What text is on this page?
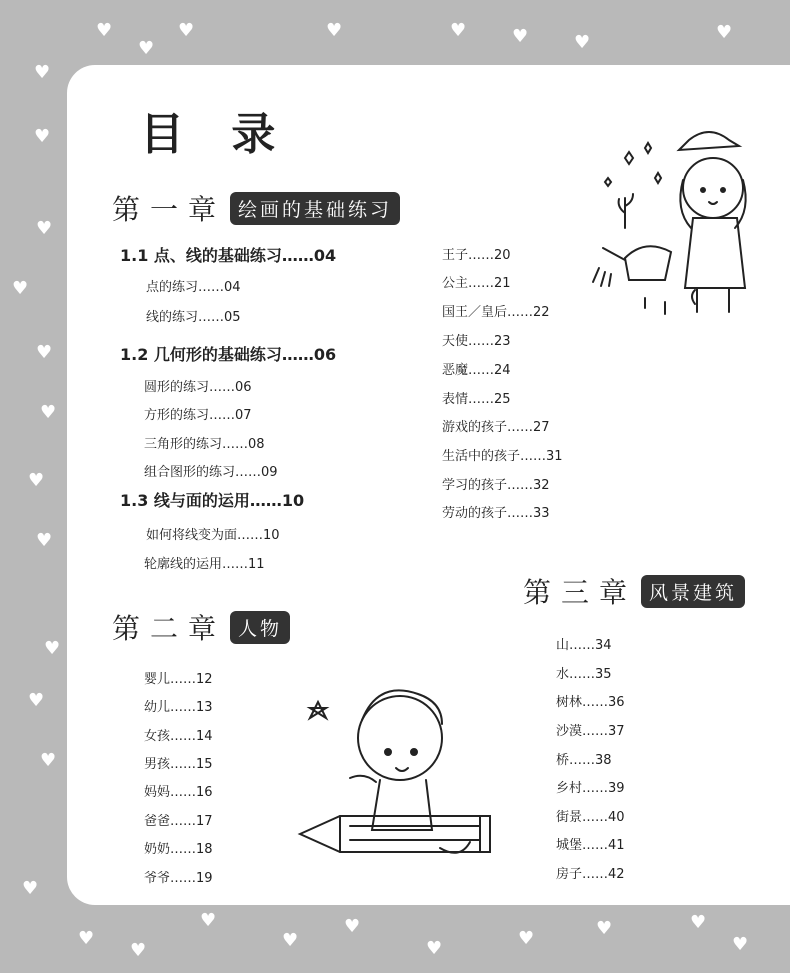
♥	♥	♥	♥	♥	♥	♥
♥
♥
♥
♥
♥
♥
♥
♥
♥
♥
♥
♥
♥
♥
♥
♥
♥
♥
♥	♥	♥	♥
♥
目 录
第一章 绘画的基础练习
1.1 点、线的基础练习……04
点的练习……04
线的练习……05
1.2 几何形的基础练习……06
圆形的练习……06
方形的练习……07
三角形的练习……08
组合图形的练习……09
1.3 线与面的运用……10
如何将线变为面……10
轮廓线的运用……11
王子……20
公主……21
国王／皇后……22
天使……23
恶魔……24
表情……25
游戏的孩子……27
生活中的孩子……31
学习的孩子……32
劳动的孩子……33
第二章 人物
婴儿……12
幼儿……13
女孩……14
男孩……15
妈妈……16
爸爸……17
奶奶……18
爷爷……19
第三章 风景建筑
山……34
水……35
树林……36
沙漠……37
桥……38
乡村……39
街景……40
城堡……41
房子……42
